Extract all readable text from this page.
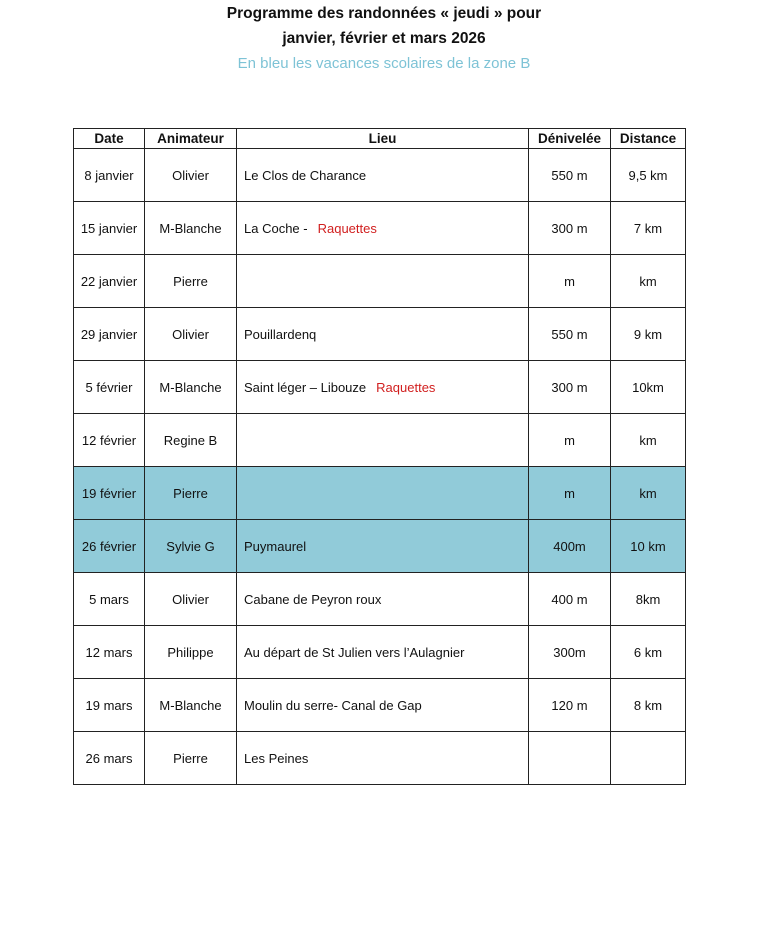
Programme des randonnées « jeudi » pour
janvier, février et mars 2026
En bleu les vacances scolaires de la zone B
Date	Animateur	Lieu	Dénivelée	Distance
8 janvier	Olivier	Le Clos de Charance	550 m	9,5 km
15 janvier	M-Blanche	La Coche - Raquettes	300 m	7 km
22 janvier	Pierre		m	km
29 janvier	Olivier	Pouillardenq	550 m	9 km
5 février	M-Blanche	Saint léger – Libouze Raquettes	300 m	10km
12 février	Regine B		m	km
19 février	Pierre		m	km
26 février	Sylvie G	Puymaurel	400m	10 km
5 mars	Olivier	Cabane de Peyron roux	400 m	8km
12 mars	Philippe	Au départ de St Julien vers l’Aulagnier	300m	6 km
19 mars	M-Blanche	Moulin du serre- Canal de Gap	120 m	8 km
26 mars	Pierre	Les Peines		
